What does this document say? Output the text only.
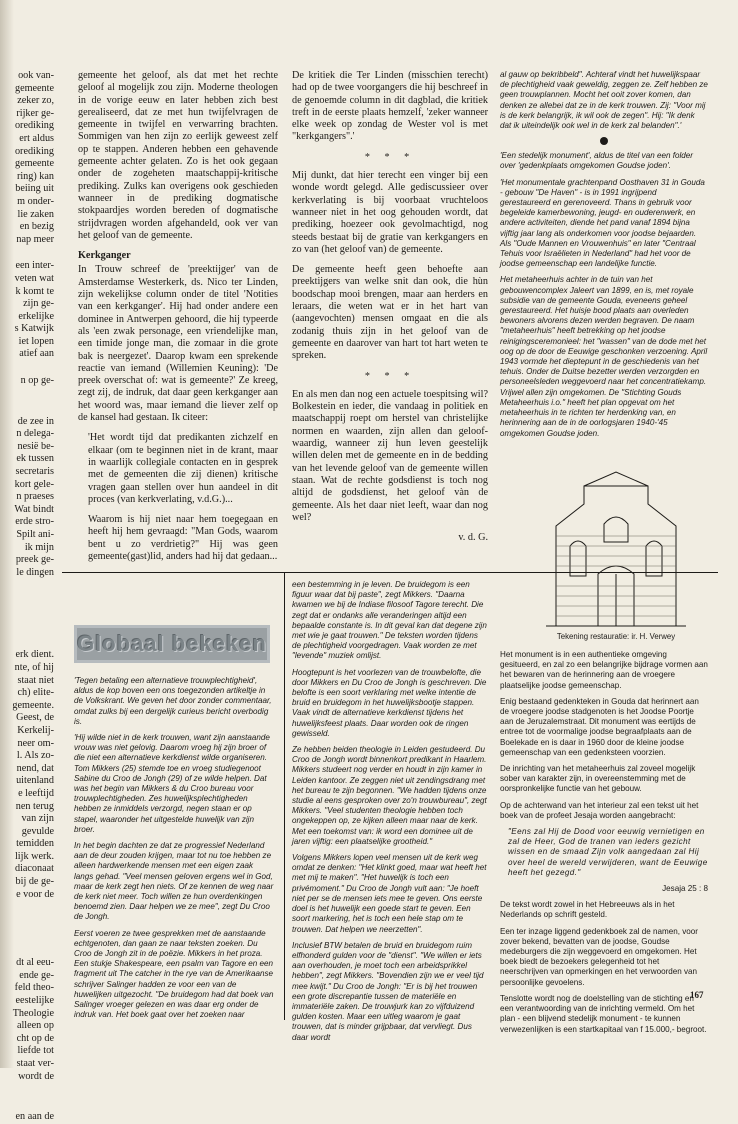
ook van-
gemeente
zeker zo,
rijker ge-
orediking
ert aldus
orediking
gemeente
ring) kan
beiing uit
m onder-
lie zaken
en bezig
nap meer
een inter-
veten wat
k komt te
zijn ge-
erkelijke
s Katwijk
iet lopen
atief aan
n op ge-
de zee in
n delega-
nesië be-
ek tussen
secretaris
kort gele-
n praeses
Wat bindt
erde stro-
Spilt ani-
ik mijn
preek ge-
le dingen
erk dient.
nte, of hij
staat niet
ch) elite-
gemeente.
Geest, de
Kerkelij-
neer om-
l. Als zo-
nend, dat
uitenland
e leeftijd
nen terug
van zijn
gevulde
temidden
lijk werk.
diaconaat
bij de ge-
e voor de
dt al eeu-
ende ge-
feld theo-
eestelijke
Theologie
alleen op
cht op de
liefde tot
staat ver-
wordt de
en aan de

gemeente het geloof, als dat met het rechte geloof al mogelijk zou zijn. Moderne theologen in de vorige eeuw en later hebben zich best gerealiseerd, dat ze met hun twijfelvragen de gemeente in twijfel en verwarring brachten. Sommigen van hen zijn zo eerlijk geweest zelf op te stappen. Anderen hebben een gehavende gemeente achter gelaten. Zo is het ook gegaan onder de zogeheten maatschappij-kritische prediking. Zulks kan overigens ook geschieden wanneer in de prediking dogmatische stokpaardjes worden bereden of dogmatische strijdvragen worden afgehandeld, ook ver van het geloof van de gemeente.

Kerkganger

In Trouw schreef de 'preektijger' van de Amsterdamse Westerkerk, ds. Nico ter Linden, zijn wekelijkse column onder de titel 'Notities van een kerkganger'. Hij had onder andere een dominee in Antwerpen gehoord, die hij typeerde als 'een zwak personage, een vriendelijke man, een timide jonge man, die zomaar in die grote bak is neergezet'. Daarop kwam een sprekende reactie van iemand (Willemien Keuning): 'De preek overschat of: wat is gemeente?' Ze kreeg, zegt zij, de indruk, dat daar geen kerkganger aan het woord was, maar iemand die liever zelf op de kansel had gestaan. Ik citeer:

'Het wordt tijd dat predikanten zichzelf en elkaar (om te beginnen niet in de krant, maar in waarlijk collegiale contacten en in gesprek met de gemeenten die zij dienen) kritische vragen gaan stellen over hun aandeel in dit proces (van kerkverlating, v.d.G.)...

Waarom is hij niet naar hem toegegaan en heeft hij hem gevraagd: "Man Gods, waarom bent u zo verdrietig?" Hij was geen gemeente(gast)lid, anders had hij dat gedaan...

De kritiek die Ter Linden (misschien terecht) had op de twee voorgangers die hij beschreef in de genoemde column in dit dagblad, die kritiek treft in de eerste plaats hemzelf, 'zeker wanneer elke week op zondag de Wester vol is met "kerkgangers".'

* * *

Mij dunkt, dat hier terecht een vinger bij een wonde wordt gelegd. Alle gediscussieer over kerkverlating is bij voorbaat vruchteloos wanneer niet in het oog gehouden wordt, dat prediking, hoezeer ook gevolmachtigd, nog steeds bestaat bij de gratie van kerkgangers en zo van (het geloof van) de gemeente.

De gemeente heeft geen behoefte aan preektijgers van welke snit dan ook, die hùn boodschap mooi brengen, maar aan herders en leraars, die weten wat er in het hart van (aangevochten) mensen omgaat en die als zodanig thuis zijn in het geloof van de gemeente en daarover van hart tot hart weten te spreken.

* * *

En als men dan nog een actuele toespitsing wil? Bolkestein en ieder, die vandaag in politiek en maatschappij roept om herstel van christelijke normen en waarden, zijn allen dan geloof-waardig, wanneer zij hun leven geestelijk willen delen met de gemeente en in de bedding van het levende geloof van de gemeente willen staan. Wat de rechte godsdienst is toch nog altijd de godsdienst, het geloof vàn de gemeente. Als het daar niet leeft, waar dan nog wel?

v. d. G.

al gauw op bekribbeld". Achteraf vindt het huwelijkspaar de plechtigheid vaak geweldig, zeggen ze. Zelf hebben ze geen trouwplannen. Mocht het ooit zover komen, dan denken ze allebei dat ze in de kerk trouwen. Zij: "Voor mij is de kerk belangrijk, ik wil ook de zegen". Hij: "Ik denk dat ik uiteindelijk ook wel in de kerk zal belanden".'

'Een stedelijk monument', aldus de titel van een folder over 'gedenkplaats omgekomen Goudse joden'.

'Het monumentale grachtenpand Oosthaven 31 in Gouda - gebouw "De Haven" - is in 1991 ingrijpend gerestaureerd en gerenoveerd. Thans in gebruik voor begeleide kamerbewoning, jeugd- en ouderenwerk, en andere activiteiten, diende het pand vanaf 1894 bijna vijftig jaar lang als onderkomen voor joodse bejaarden. Als "Oude Mannen en Vrouwenhuis" en later "Centraal Tehuis voor Israëlieten in Nederland" had het voor de joodse gemeenschap een landelijke functie.

Het metaheerhuis achter in de tuin van het gebouwencomplex Jaleert van 1899, en is, met royale subsidie van de gemeente Gouda, eveneens geheel gerestaureerd. Het huisje bood plaats aan overleden bewoners alvorens dezen werden begraven. De naam "metaheerhuis" heeft betrekking op het joodse reinigingsceremonieel: het "wassen" van de dode met het oog op de door de Eeuwige geschonken verzoening. April 1943 vormde het dieptepunt in de geschiedenis van het tehuis. Onder de Duitse bezetter werden verzorgden en personeelsleden weggevoerd naar het concentratiekamp. Vrijwel allen zijn omgekomen. De "Stichting Gouds Metaheerhuis i.o." heeft het plan opgevat om het metaheerhuis in te richten ter herdenking van, en herinnering aan de in de oorlogsjaren 1940-'45 omgekomen Goudse joden.

Tekening restauratie: ir. H. Verwey
Globaal bekeken

'Tegen betaling een alternatieve trouwplechtigheid', aldus de kop boven een ons toegezonden artikeltje in de Volkskrant. We geven het door zonder commentaar, omdat zulks bij een dergelijk curieus bericht overbodig is.

'Hij wilde niet in de kerk trouwen, want zijn aanstaande vrouw was niet gelovig. Daarom vroeg hij zijn broer of die niet een alternatieve kerkdienst wilde organiseren. Tom Mikkers (25) stemde toe en vroeg studiegenoot Sabine du Croo de Jongh (29) of ze wilde helpen. Dat was het begin van Mikkers & du Croo bureau voor trouwplechtigheden. Zes huwelijksplechtigheden hebben ze inmiddels verzorgd, negen staan er op stapel, waaronder het uitgestelde huwelijk van zijn broer.

In het begin dachten ze dat ze progressief Nederland aan de deur zouden krijgen, maar tot nu toe hebben ze alleen hardwerkende mensen met een eigen zaak langs gehad. "Veel mensen geloven ergens wel in God, maar de kerk zegt hen niets. Of ze kennen de weg naar de kerk niet meer. Toch willen ze hun overdenkingen benoemd zien. Daar helpen we ze mee", zegt Du Croo de Jongh.

Eerst voeren ze twee gesprekken met de aanstaande echtgenoten, dan gaan ze naar teksten zoeken. Du Croo de Jongh zit in de poëzie. Mikkers in het proza. Een stukje Shakespeare, een psalm van Tagore en een fragment uit The catcher in the rye van de Amerikaanse schrijver Salinger hadden ze voor een van de huwelijken uitgezocht. "De bruidegom had dat boek van Salinger vroeger gelezen en was daar erg onder de indruk van. Het boek gaat over het zoeken naar

een bestemming in je leven. De bruidegom is een figuur waar dat bij paste", zegt Mikkers. "Daarna kwamen we bij de Indiase filosoof Tagore terecht. Die zegt dat er ondanks alle veranderingen altijd een bepaalde constante is. In dit geval kan dat degene zijn met wie je gaat trouwen." De teksten worden tijdens de plechtigheid voorgedragen. Vaak worden ze met "levende" muziek omlijst.

Hoogtepunt is het voorlezen van de trouwbelofte, die door Mikkers en Du Croo de Jongh is geschreven. Die belofte is een soort verklaring met welke intentie de bruid en bruidegom in het huwelijksbootje stappen. Vaak vindt de alternatieve kerkdienst tijdens het huwelijksfeest plaats. Daar worden ook de ringen gewisseld.

Ze hebben beiden theologie in Leiden gestudeerd. Du Croo de Jongh wordt binnenkort predikant in Haarlem. Mikkers studeert nog verder en houdt in zijn kamer in Leiden kantoor. Ze zeggen niet uit zendingsdrang met het bureau te zijn begonnen. "We hadden tijdens onze studie al eens gesproken over zo'n trouwbureau", zegt Mikkers. "Veel studenten theologie hebben toch ongekeppen op, ze kijken alleen maar naar de kerk. Met een toekomst van: ik word een dominee uit de jaren vijftig: een plaatselijke grootheid."

Volgens Mikkers lopen veel mensen uit de kerk weg omdat ze denken: "Het klinkt goed, maar wat heeft het met mij te maken". "Het huwelijk is toch een privémoment." Du Croo de Jongh vult aan: "Je hoeft niet per se de mensen iets mee te geven. Ons eerste doel is het huwelijk een goede start te geven. Een soort markering, het is toch een hele stap om te trouwen. Dat helpen we neerzetten".

Inclusief BTW betalen de bruid en bruidegom ruim elfhonderd gulden voor de "dienst". "We willen er iets aan overhouden, je moet toch een arbeidsprikkel hebben", zegt Mikkers. "Bovendien zijn we er veel tijd mee kwijt." Du Croo de Jongh: "Er is bij het trouwen een grote discrepantie tussen de materiële en immateriële zaken. De trouwjurk kan zo vijfduizend gulden kosten. Maar een uitleg waarom je gaat trouwen, dat is minder grijpbaar, dat vervliegt. Dus daar wordt

Het monument is in een authentieke omgeving gesitueerd, en zal zo een belangrijke bijdrage vormen aan het bewaren van de herinnering aan de vroegere plaatselijke joodse gemeenschap.

Enig bestaand gedenkteken in Gouda dat herinnert aan de vroegere joodse stadgenoten is het Joodse Poortje aan de Jeruzalemstraat. Dit monument was eertijds de entree tot de voormalige joodse begraafplaats aan de Boelekade en is daar in 1960 door de kleine joodse gemeenschap van een gedenksteen voorzien.

De inrichting van het metaheerhuis zal zoveel mogelijk sober van karakter zijn, in overeenstemming met de oorspronkelijke functie van het gebouw.

Op de achterwand van het interieur zal een tekst uit het boek van de profeet Jesaja worden aangebracht:

"Eens zal Hij de Dood voor eeuwig vernietigen en zal de Heer, God de tranen van ieders gezicht wissen en de smaad Zijn volk aangedaan zal Hij over heel de wereld verwijderen, want de Eeuwige heeft het gezegd."

Jesaja 25 : 8

De tekst wordt zowel in het Hebreeuws als in het Nederlands op schrift gesteld.

Een ter inzage liggend gedenkboek zal de namen, voor zover bekend, bevatten van de joodse, Goudse medeburgers die zijn weggevoerd en omgekomen. Het boek biedt de bezoekers gelegenheid tot het neerschrijven van opmerkingen en het verwoorden van persoonlijke gevoelens.

Tenslotte wordt nog de doelstelling van de stichting en een verantwoording van de inrichting vermeld. Om het plan - een blijvend stedelijk monument - te kunnen verwezenlijken is een startkapitaal van f 15.000,- begroot.

167
